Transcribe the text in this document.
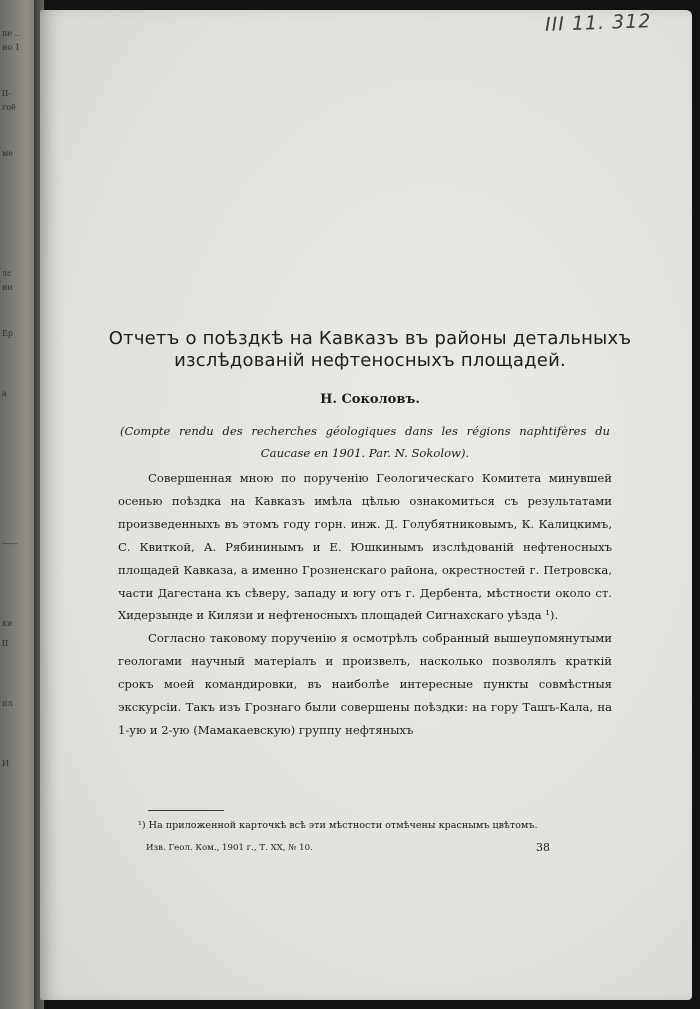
пе ..
но 1
ІІ-
гоё
ме
лс
ни
Ер
а
——
ки
ІІ
пл
И
III 11. 312
Отчетъ о поѣздкѣ на Кавказъ въ районы детальныхъ изслѣдованій нефтеносныхъ площадей.

Н. Соколовъ.

(Compte rendu des recherches géologiques dans les régions naphtifères du Caucase en 1901. Par. N. Sokolow).

Совершенная мною по порученію Геологическаго Комитета минувшей осенью поѣздка на Кавказъ имѣла цѣлью ознакомиться съ результатами произведенныхъ въ этомъ году горн. инж. Д. Голубятниковымъ, К. Калицкимъ, С. Квиткой, А. Рябининымъ и Е. Юшкинымъ изслѣдованій нефтеносныхъ площадей Кавказа, а именно Грозненскаго района, окрестностей г. Петровска, части Дагестана къ сѣверу, западу и югу отъ г. Дербента, мѣстности около ст. Хидерзынде и Килязи и нефтеносныхъ площадей Сигнахскаго уѣзда ¹).

Согласно таковому порученію я осмотрѣлъ собранный вышеупомянутыми геологами научный матеріалъ и произвелъ, насколько позволялъ краткій срокъ моей командировки, въ наиболѣе интересные пункты совмѣстныя экскурсіи. Такъ изъ Грознаго были совершены поѣздки: на гору Ташъ-Кала, на 1-ую и 2-ую (Мамакаевскую) группу нефтяныхъ

¹) На приложенной карточкѣ всѣ эти мѣстности отмѣчены краснымъ цвѣтомъ.

Изв. Геол. Ком., 1901 г., Т. XX, № 10.	38
